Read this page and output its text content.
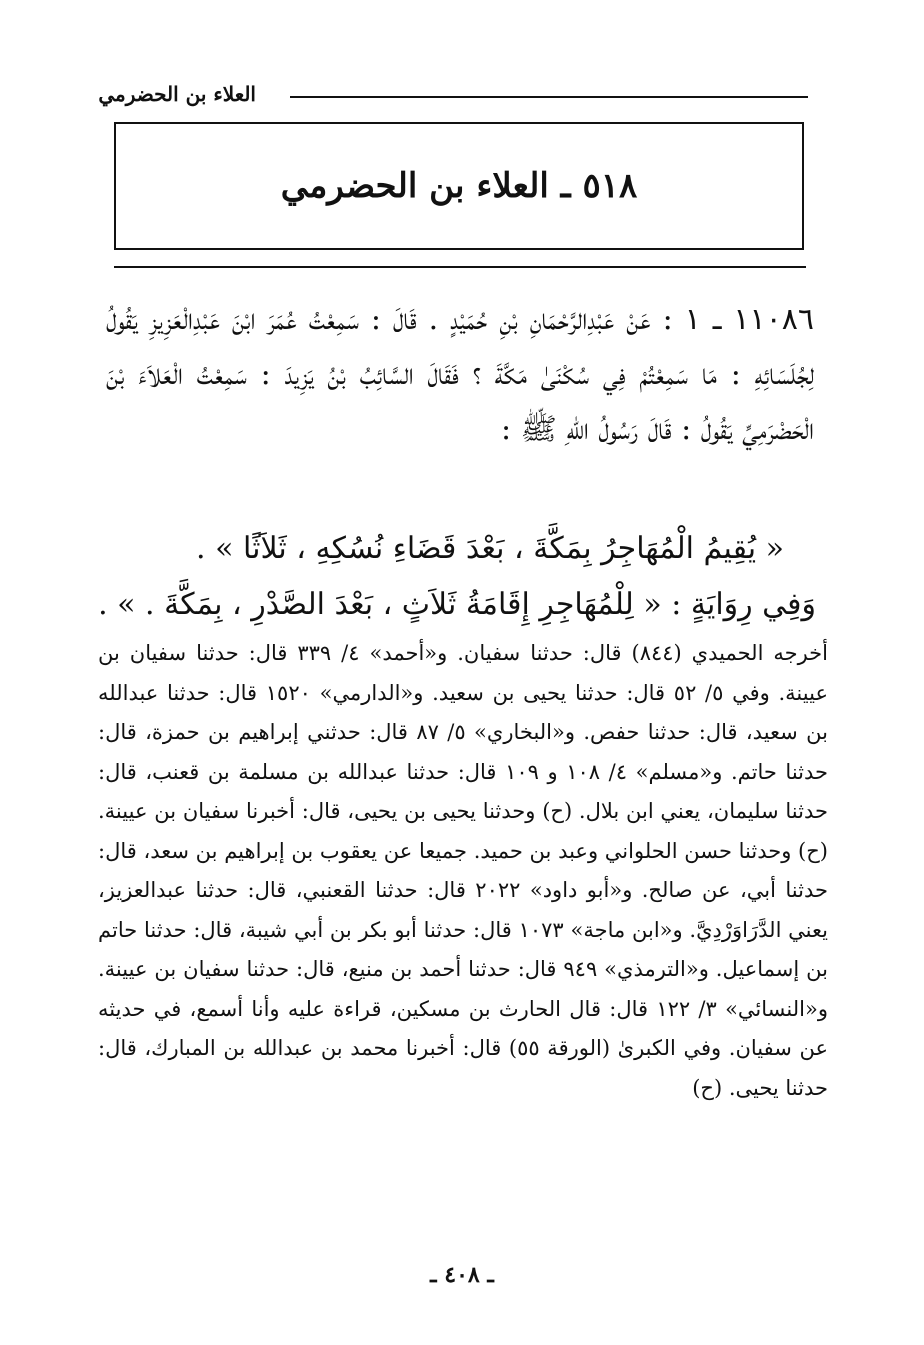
العلاء بن الحضرمي
٥١٨ ـ العلاء بن الحضرمي
١١٠٨٦ ـ ١ : عَنْ عَبْدِالرَّحْمَانِ بْنِ حُمَيْدٍ . قَالَ : سَمِعْتُ عُمَرَ ابْنَ عَبْدِالْعَزِيزِ يَقُولُ لِجُلَسَائِهِ : مَا سَمِعْتُمْ فِي سُكْنَىٰ مَكَّةَ ؟ فَقَالَ السَّائِبُ بْنُ يَزِيدَ : سَمِعْتُ الْعَلاَءَ بْنَ الْحَضْرَمِيِّ يَقُولُ : قَالَ رَسُولُ اللهِ ﷺ :
« يُقِيمُ الْمُهَاجِرُ بِمَكَّةَ ، بَعْدَ قَضَاءِ نُسُكِهِ ، ثَلاَثًا » .
وَفِي رِوَايَةٍ : « لِلْمُهَاجِرِ إِقَامَةُ ثَلاَثٍ ، بَعْدَ الصَّدْرِ ، بِمَكَّةَ . » .
أخرجه الحميدي (٨٤٤) قال: حدثنا سفيان. و«أحمد» ٤/ ٣٣٩ قال: حدثنا سفيان بن عيينة. وفي ٥/ ٥٢ قال: حدثنا يحيى بن سعيد. و«الدارمي» ١٥٢٠ قال: حدثنا عبدالله بن سعيد، قال: حدثنا حفص. و«البخاري» ٥/ ٨٧ قال: حدثني إبراهيم بن حمزة، قال: حدثنا حاتم. و«مسلم» ٤/ ١٠٨ و ١٠٩ قال: حدثنا عبدالله بن مسلمة بن قعنب، قال: حدثنا سليمان، يعني ابن بلال. (ح) وحدثنا يحيى بن يحيى، قال: أخبرنا سفيان بن عيينة. (ح) وحدثنا حسن الحلواني وعبد بن حميد. جميعا عن يعقوب بن إبراهيم بن سعد، قال: حدثنا أبي، عن صالح. و«أبو داود» ٢٠٢٢ قال: حدثنا القعنبي، قال: حدثنا عبدالعزيز، يعني الدَّرَاوَرْدِيَّ. و«ابن ماجة» ١٠٧٣ قال: حدثنا أبو بكر بن أبي شيبة، قال: حدثنا حاتم بن إسماعيل. و«الترمذي» ٩٤٩ قال: حدثنا أحمد بن منيع، قال: حدثنا سفيان بن عيينة. و«النسائي» ٣/ ١٢٢ قال: قال الحارث بن مسكين، قراءة عليه وأنا أسمع، في حديثه عن سفيان. وفي الكبرىٰ (الورقة ٥٥) قال: أخبرنا محمد بن عبدالله بن المبارك، قال: حدثنا يحيى. (ح)
ـ ٤٠٨ ـ
